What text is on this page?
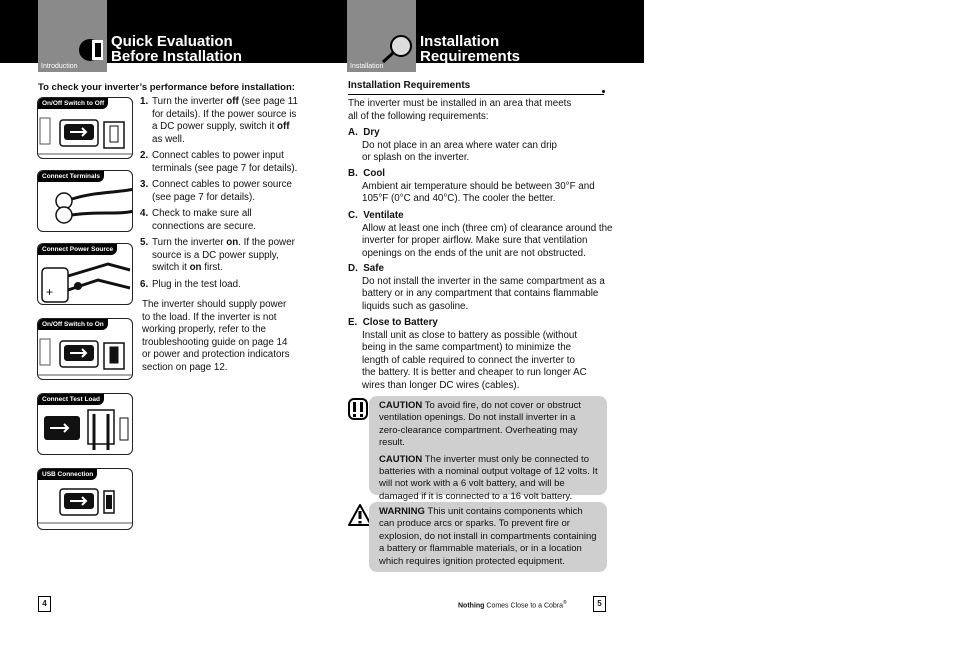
Introduction
Quick Evaluation
Before Installation
To check your inverter’s performance before installation:
On/Off Switch to Off
Connect Terminals
Connect Power Source
+
On/Off Switch to On
Connect Test Load
USB Connection
1. Turn the inverter off (see page 11 for details). If the power source is a DC power supply, switch it off as well.
2. Connect cables to power input terminals (see page 7 for details).
3. Connect cables to power source (see page 7 for details).
4. Check to make sure all connections are secure.
5. Turn the inverter on. If the power source is a DC power supply, switch it on first.
6. Plug in the test load.
The inverter should supply power to the load. If the inverter is not working properly, refer to the troubleshooting guide on page 14 or power and protection indicators section on page 12.
4
Installation
Installation
Requirements
Installation Requirements
The inverter must be installed in an area that meets all of the following requirements:
A. Dry
Do not place in an area where water can drip or splash on the inverter.
B. Cool
Ambient air temperature should be between 30°F and 105°F (0°C and 40°C). The cooler the better.
C. Ventilate
Allow at least one inch (three cm) of clearance around the inverter for proper airflow. Make sure that ventilation openings on the ends of the unit are not obstructed.
D. Safe
Do not install the inverter in the same compartment as a battery or in any compartment that contains flammable liquids such as gasoline.
E. Close to Battery
Install unit as close to battery as possible (without being in the same compartment) to minimize the length of cable required to connect the inverter to the battery. It is better and cheaper to run longer AC wires than longer DC wires (cables).
CAUTION To avoid fire, do not cover or obstruct ventilation openings. Do not install inverter in a zero-clearance compartment. Overheating may result.
CAUTION The inverter must only be connected to batteries with a nominal output voltage of 12 volts. It will not work with a 6 volt battery, and will be damaged if it is connected to a 16 volt battery.
WARNING This unit contains components which can produce arcs or sparks. To prevent fire or explosion, do not install in compartments containing a battery or flammable materials, or in a location which requires ignition protected equipment.
Nothing Comes Close to a Cobra®	5
